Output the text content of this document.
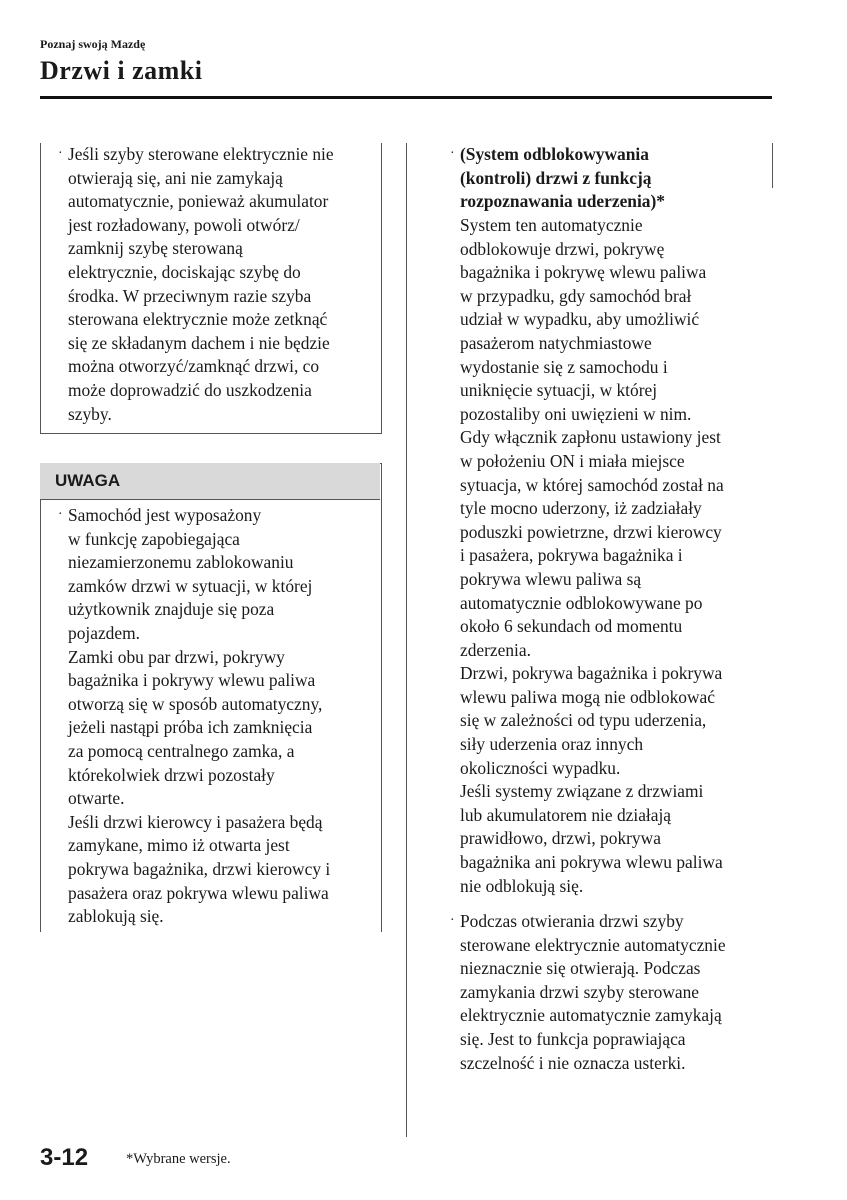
Poznaj swoją Mazdę
Drzwi i zamki
· Jeśli szyby sterowane elektrycznie nie
otwierają się, ani nie zamykają
automatycznie, ponieważ akumulator
jest rozładowany, powoli otwórz/
zamknij szybę sterowaną
elektrycznie, dociskając szybę do
środka. W przeciwnym razie szyba
sterowana elektrycznie może zetknąć
się ze składanym dachem i nie będzie
można otworzyć/zamknąć drzwi, co
może doprowadzić do uszkodzenia
szyby.
UWAGA
· Samochód jest wyposażony
w funkcję zapobiegająca
niezamierzonemu zablokowaniu
zamków drzwi w sytuacji, w której
użytkownik znajduje się poza
pojazdem.
Zamki obu par drzwi, pokrywy
bagażnika i pokrywy wlewu paliwa
otworzą się w sposób automatyczny,
jeżeli nastąpi próba ich zamknięcia
za pomocą centralnego zamka, a
którekolwiek drzwi pozostały
otwarte.
Jeśli drzwi kierowcy i pasażera będą
zamykane, mimo iż otwarta jest
pokrywa bagażnika, drzwi kierowcy i
pasażera oraz pokrywa wlewu paliwa
zablokują się.
· (System odblokowywania
(kontroli) drzwi z funkcją
rozpoznawania uderzenia)*
System ten automatycznie
odblokowuje drzwi, pokrywę
bagażnika i pokrywę wlewu paliwa
w przypadku, gdy samochód brał
udział w wypadku, aby umożliwić
pasażerom natychmiastowe
wydostanie się z samochodu i
uniknięcie sytuacji, w której
pozostaliby oni uwięzieni w nim.
Gdy włącznik zapłonu ustawiony jest
w położeniu ON i miała miejsce
sytuacja, w której samochód został na
tyle mocno uderzony, iż zadziałały
poduszki powietrzne, drzwi kierowcy
i pasażera, pokrywa bagażnika i
pokrywa wlewu paliwa są
automatycznie odblokowywane po
około 6 sekundach od momentu
zderzenia.
Drzwi, pokrywa bagażnika i pokrywa
wlewu paliwa mogą nie odblokować
się w zależności od typu uderzenia,
siły uderzenia oraz innych
okoliczności wypadku.
Jeśli systemy związane z drzwiami
lub akumulatorem nie działają
prawidłowo, drzwi, pokrywa
bagażnika ani pokrywa wlewu paliwa
nie odblokują się.
· Podczas otwierania drzwi szyby
sterowane elektrycznie automatycznie
nieznacznie się otwierają. Podczas
zamykania drzwi szyby sterowane
elektrycznie automatycznie zamykają
się. Jest to funkcja poprawiająca
szczelność i nie oznacza usterki.
3-12	*Wybrane wersje.
